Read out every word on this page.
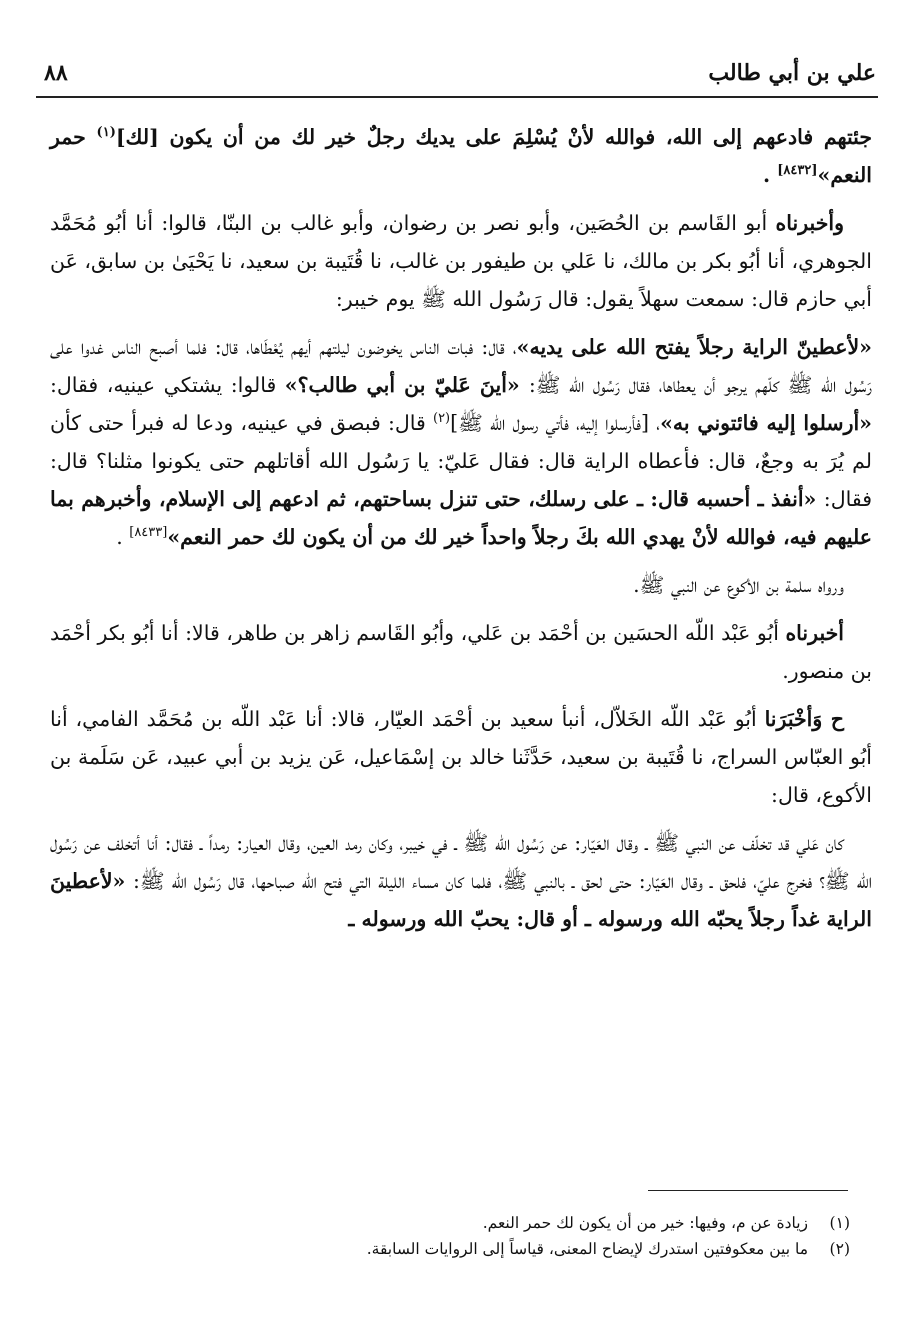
علي بن أبي طالب
٨٨

جئتهم فادعهم إلى الله، فوالله لأنْ يُسْلِمَ على يديك رجلٌ خير لك من أن يكون [لك]$^{(١)}$ حمر النعم»[٨٤٣٢] .

وأخبرناه أبو القَاسم بن الحُصَين، وأبو نصر بن رضوان، وأبو غالب بن البنّا، قالوا: أنا أبُو مُحَمَّد الجوهري، أنا أبُو بكر بن مالك، نا عَلي بن طيفور بن غالب، نا قُتَيبة بن سعيد، نا يَحْيَىٰ بن سابق، عَن أبي حازم قال: سمعت سهلاً يقول: قال رَسُول الله ﷺ يوم خيبر:

«لأعطينّ الراية رجلاً يفتح الله على يديه»، قال: فبات الناس يخوضون ليلتهم أيهم يُعْطَاها، قال: فلما أصبح الناس غدوا على رَسُول الله ﷺ كلّهم يرجو أن يعطاها، فقال رَسُول الله ﷺ: «أينَ عَليّ بن أبي طالب؟» قالوا: يشتكي عينيه، فقال: «أرسلوا إليه فائتوني به»، [فأرسلوا إليه، فأتي رسول الله ﷺ]$^{(٢)}$ قال: فبصق في عينيه، ودعا له فبرأ حتى كأن لم يُرَ به وجعٌ، قال: فأعطاه الراية قال: فقال عَليّ: يا رَسُول الله أقاتلهم حتى يكونوا مثلنا؟ قال: فقال: «أنفذ ـ أحسبه قال: ـ على رسلك، حتى تنزل بساحتهم، ثم ادعهم إلى الإسلام، وأخبرهم بما عليهم فيه، فوالله لأنْ يهدي الله بكَ رجلاً واحداً خير لك من أن يكون لك حمر النعم»[٨٤٣٣] .

ورواه سلمة بن الأكوع عن النبي ﷺ.

أخبرناه أبُو عَبْد اللّه الحسَين بن أحْمَد بن عَلي، وأبُو القَاسم زاهر بن طاهر، قالا: أنا أبُو بكر أحْمَد بن منصور.

ح وَأخْبَرَنا أبُو عَبْد اللّه الخَلاّل، أنبأ سعيد بن أحْمَد العيّار، قالا: أنا عَبْد اللّه بن مُحَمَّد الفامي، أنا أبُو العبّاس السراج، نا قُتَيبة بن سعيد، حَدَّثَنا خالد بن إسْمَاعيل، عَن يزيد بن أبي عبيد، عَن سَلَمة بن الأكوع، قال:

كان عَلي قد تخلّف عن النبي ﷺ ـ وقال العَيّار: عن رَسُول الله ﷺ ـ في خيبر، وكان رمد العين، وقال العيار: رمداً ـ فقال: أنا أتخلف عن رَسُول الله ﷺ؟ فخرج عليّ، فلحق ـ وقال العَيّار: حتى لحق ـ بالنبي ﷺ، فلما كان مساء الليلة التي فتح الله صباحها، قال رَسُول الله ﷺ: «لأعطينَ الراية غداً رجلاً يحبّه الله ورسوله ـ أو قال: يحبّ الله ورسوله ـ

(١)
زيادة عن م، وفيها: خير من أن يكون لك حمر النعم.
(٢)
ما بين معكوفتين استدرك لإيضاح المعنى، قياساً إلى الروايات السابقة.
